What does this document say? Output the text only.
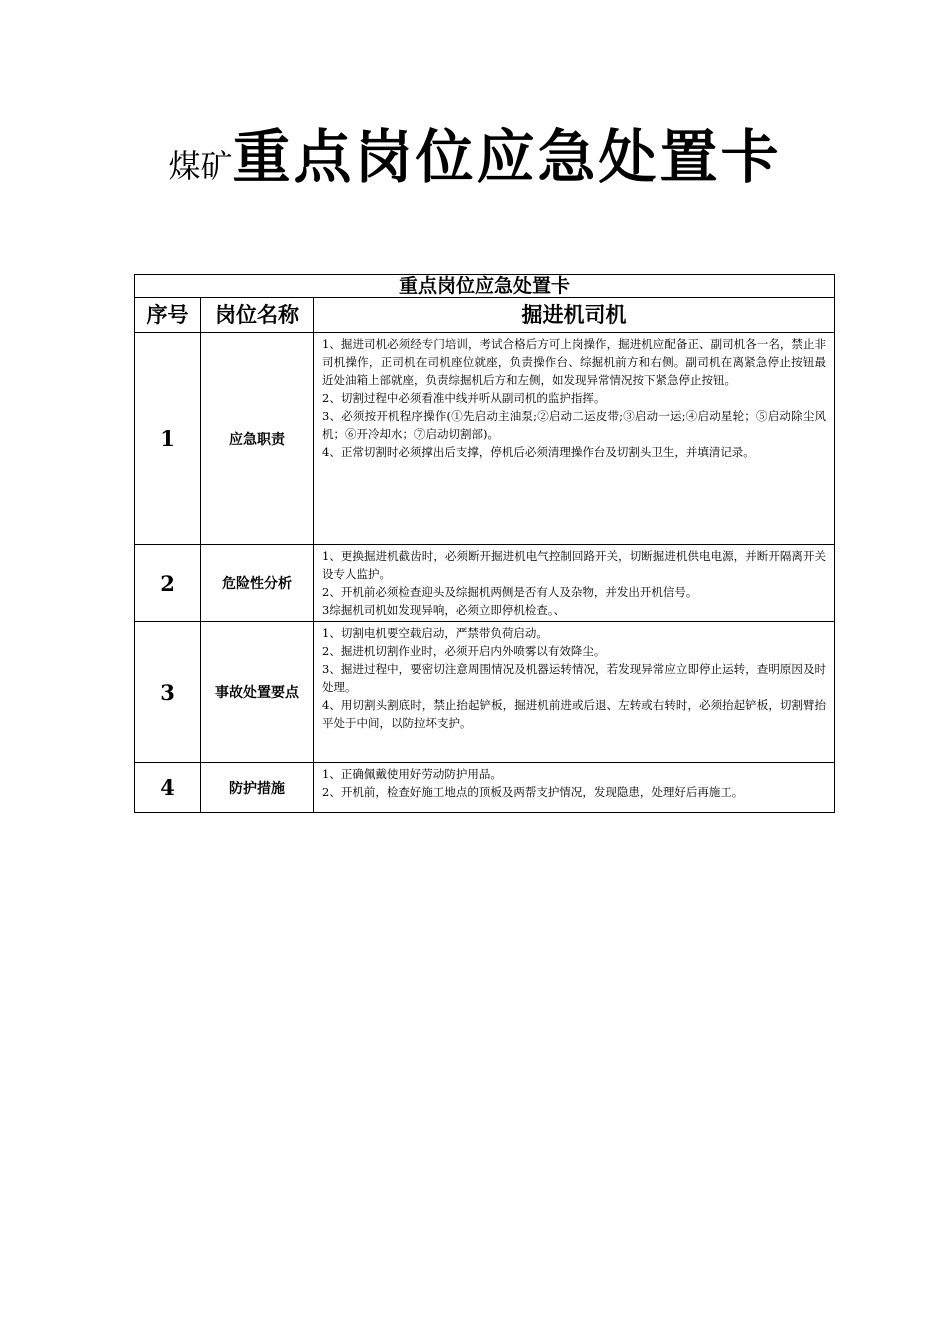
煤矿重点岗位应急处置卡
重点岗位应急处置卡		
序号	岗位名称	掘进机司机
1	应急职责	1、掘进司机必须经专门培训，考试合格后方可上岗操作，掘进机应配备正、副司机各一名，禁止非司机操作，正司机在司机座位就座，负责操作台、综掘机前方和右侧。副司机在离紧急停止按钮最近处油箱上部就座，负责综掘机后方和左侧，如发现异常情况按下紧急停止按钮。

2、切割过程中必须看准中线并听从副司机的监护指挥。

3、必须按开机程序操作(①先启动主油泵;②启动二运皮带;③启动一运;④启动星轮；⑤启动除尘风机；⑥开冷却水；⑦启动切割部)。

4、正常切割时必须撑出后支撑，停机后必须清理操作台及切割头卫生，并填清记录。

2	危险性分析	1、更换掘进机截齿时，必须断开掘进机电气控制回路开关，切断掘进机供电电源，并断开隔离开关设专人监护。

2、开机前必须检查迎头及综掘机两侧是否有人及杂物，并发出开机信号。

3综掘机司机如发现异响，必须立即停机检查。、

3	事故处置要点	1、切割电机要空载启动，严禁带负荷启动。

2、掘进机切割作业时，必须开启内外喷雾以有效降尘。

3、掘进过程中，要密切注意周围情况及机器运转情况，若发现异常应立即停止运转，查明原因及时处理。

4、用切割头割底时，禁止抬起铲板，掘进机前进或后退、左转或右转时，必须抬起铲板，切割臂抬平处于中间，以防拉坏支护。

4	防护措施	1、正确佩戴使用好劳动防护用品。

2、开机前，检查好施工地点的顶板及两帮支护情况，发现隐患，处理好后再施工。
